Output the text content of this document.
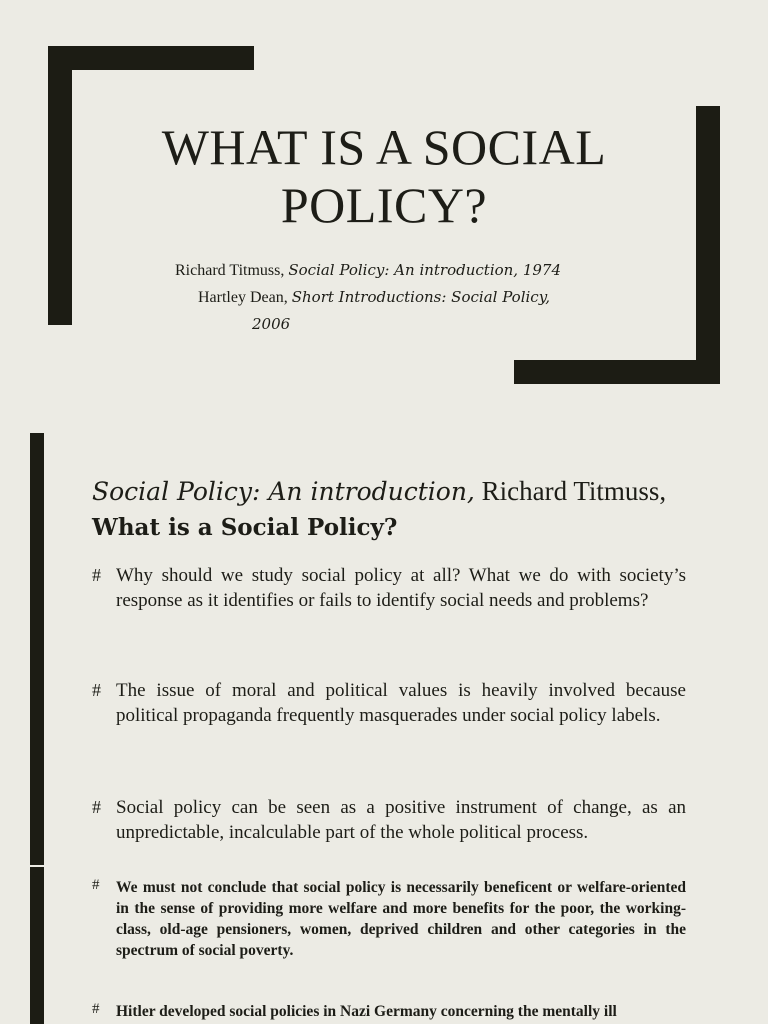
WHAT IS A SOCIAL
POLICY?
Richard Titmuss, Social Policy: An introduction, 1974
Hartley Dean, Short Introductions: Social Policy,
2006
Social Policy: An introduction, Richard Titmuss, What is a Social Policy?
# Why should we study social policy at all? What we do with society’s response as it identifies or fails to identify social needs and problems?
# The issue of moral and political values is heavily involved because political propaganda frequently masquerades under social policy labels.
# Social policy can be seen as a positive instrument of change, as an unpredictable, incalculable part of the whole political process.
# We must not conclude that social policy is necessarily beneficent or welfare-oriented in the sense of providing more welfare and more benefits for the poor, the working-class, old-age pensioners, women, deprived children and other categories in the spectrum of social poverty.
# Hitler developed social policies in Nazi Germany concerning the mentally ill
